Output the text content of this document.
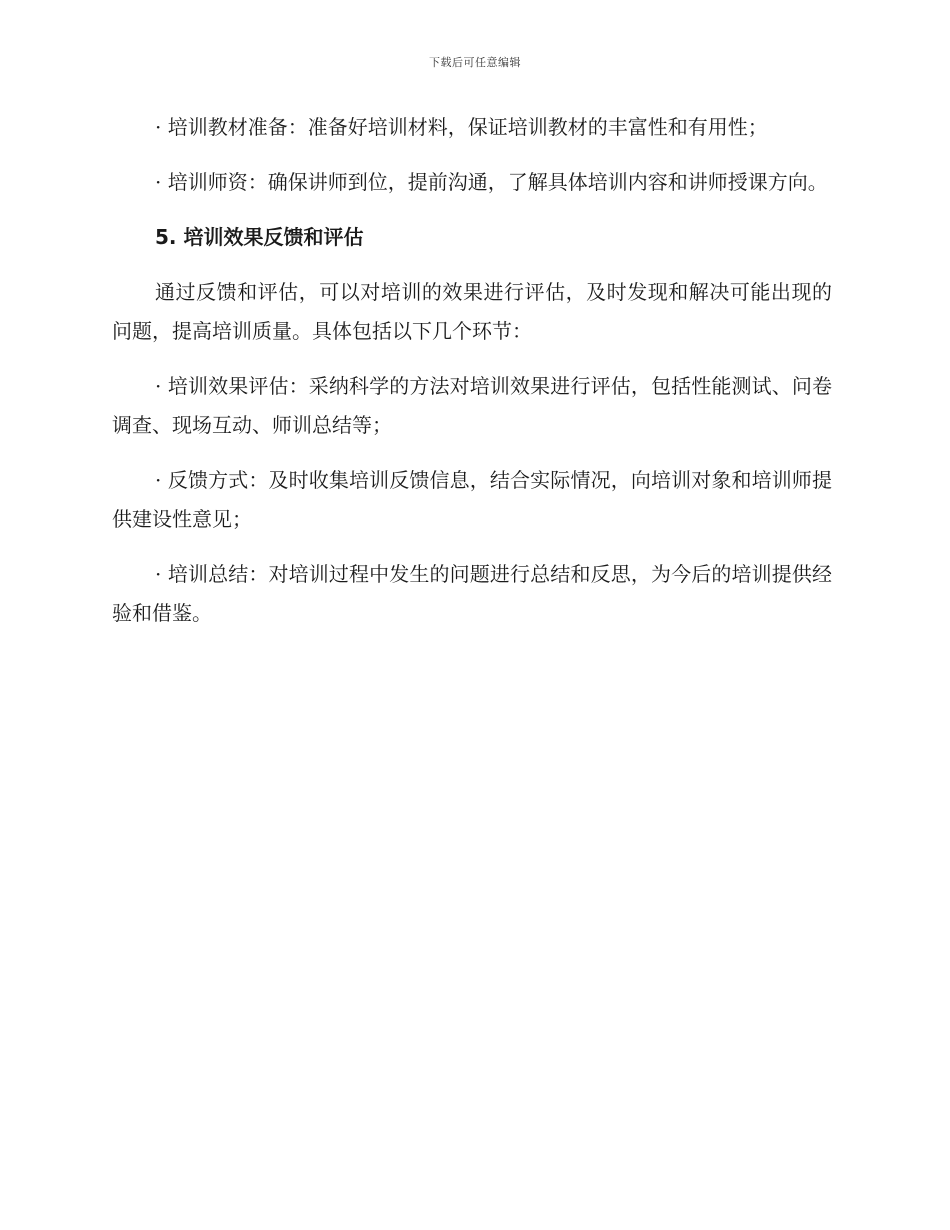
下载后可任意编辑

· 培训教材准备：准备好培训材料，保证培训教材的丰富性和有用性；

· 培训师资：确保讲师到位，提前沟通，了解具体培训内容和讲师授课方向。

5. 培训效果反馈和评估

通过反馈和评估，可以对培训的效果进行评估，及时发现和解决可能出现的问题，提高培训质量。具体包括以下几个环节：

· 培训效果评估：采纳科学的方法对培训效果进行评估，包括性能测试、问卷调查、现场互动、师训总结等；

· 反馈方式：及时收集培训反馈信息，结合实际情况，向培训对象和培训师提供建设性意见；

· 培训总结：对培训过程中发生的问题进行总结和反思，为今后的培训提供经验和借鉴。
